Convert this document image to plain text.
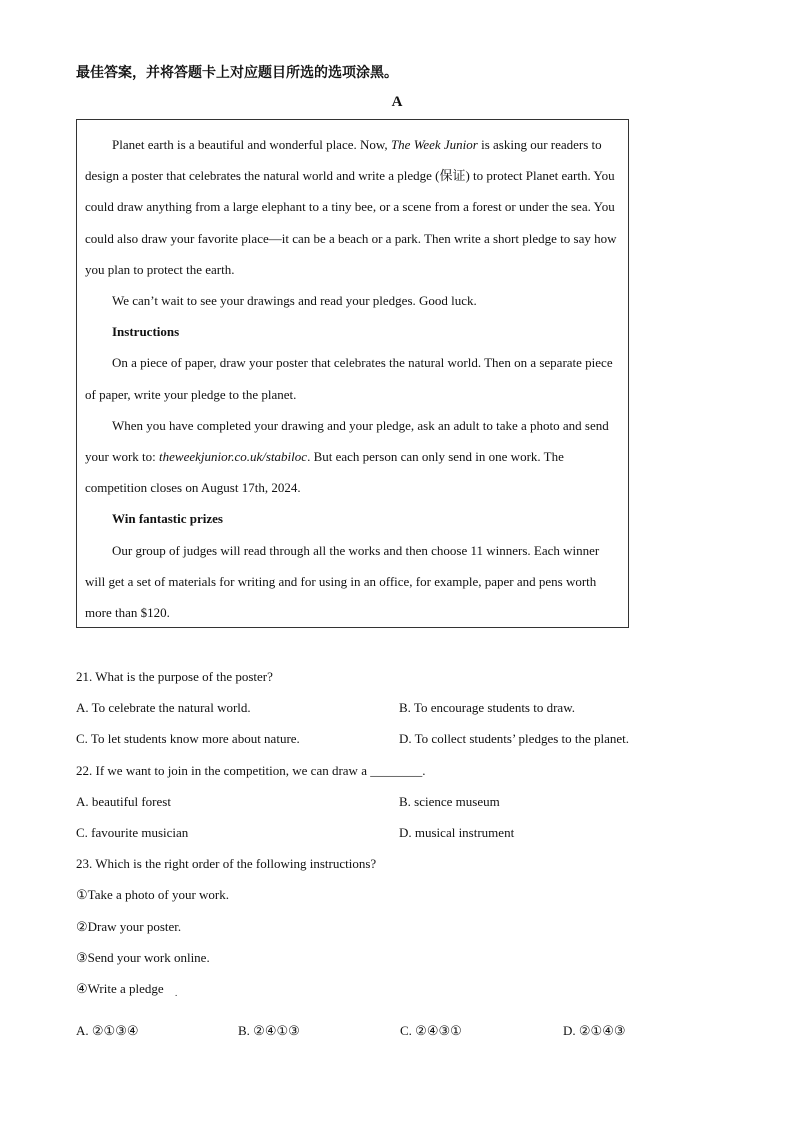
最佳答案，并将答题卡上对应题目所选的选项涂黑。
A

Planet earth is a beautiful and wonderful place. Now, The Week Junior is asking our readers to design a poster that celebrates the natural world and write a pledge (保证) to protect Planet earth. You could draw anything from a large elephant to a tiny bee, or a scene from a forest or under the sea. You could also draw your favorite place—it can be a beach or a park. Then write a short pledge to say how you plan to protect the earth.

We can’t wait to see your drawings and read your pledges. Good luck.

Instructions

On a piece of paper, draw your poster that celebrates the natural world. Then on a separate piece of paper, write your pledge to the planet.

When you have completed your drawing and your pledge, ask an adult to take a photo and send your work to: theweekjunior.co.uk/stabiloc. But each person can only send in one work. The competition closes on August 17th, 2024.

Win fantastic prizes

Our group of judges will read through all the works and then choose 11 winners. Each winner will get a set of materials for writing and for using in an office, for example, paper and pens worth more than $120.

21. What is the purpose of the poster?
A. To celebrate the natural world.	B. To encourage students to draw.
C. To let students know more about nature.	D. To collect students’ pledges to the planet.
22. If we want to join in the competition, we can draw a ________.
A. beautiful forest	B. science museum
C. favourite musician	D. musical instrument
23. Which is the right order of the following instructions?
①Take a photo of your work.
②Draw your poster.
③Send your work online.
④Write a pledge .
A. ②①③④	B. ②④①③	C. ②④③①	D. ②①④③
